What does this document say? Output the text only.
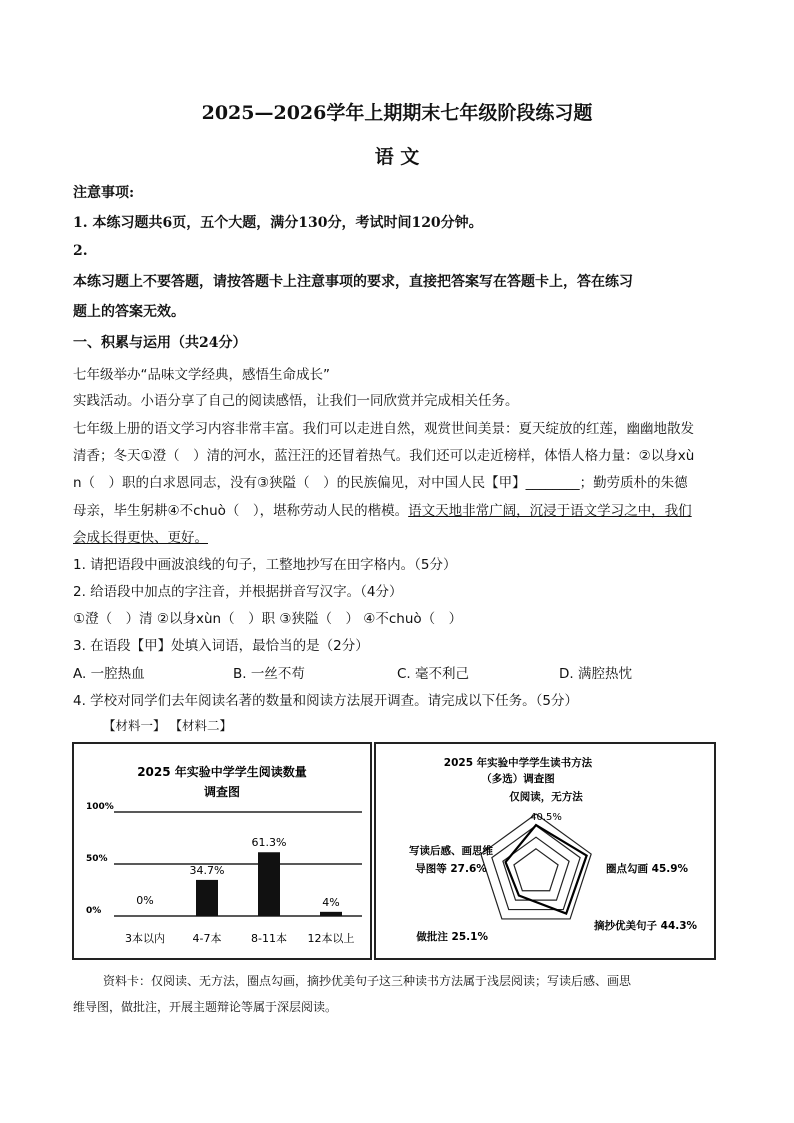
2025—2026学年上期期末七年级阶段练习题
语 文
注意事项:
1. 本练习题共6页，五个大题，满分130分，考试时间120分钟。
2.
本练习题上不要答题，请按答题卡上注意事项的要求，直接把答案写在答题卡上，答在练习
题上的答案无效。
一、积累与运用（共24分）
七年级举办“品味文学经典，感悟生命成长”
实践活动。小语分享了自己的阅读感悟，让我们一同欣赏并完成相关任务。
七年级上册的语文学习内容非常丰富。我们可以走进自然，观赏世间美景：夏天绽放的红莲，幽幽地散发
清香；冬天①澄（　）清的河水，蓝汪汪的还冒着热气。我们还可以走近榜样，体悟人格力量：②以身xù
n（　）职的白求恩同志，没有③狭隘（　）的民族偏见，对中国人民【甲】________；勤劳质朴的朱德
母亲，毕生躬耕④不chuò（　），堪称劳动人民的楷模。语文天地非常广阔，沉浸于语文学习之中，我们
会成长得更快、更好。
1. 请把语段中画波浪线的句子，工整地抄写在田字格内。（5分）
2. 给语段中加点的字注音，并根据拼音写汉字。（4分）
①澄（　）清 ②以身xùn（　）职 ③狭隘（　） ④不chuò（　）
3. 在语段【甲】处填入词语，最恰当的是（2分）
A. 一腔热血	B. 一丝不苟	C. 毫不利己	D. 满腔热忱
4. 学校对同学们去年阅读名著的数量和阅读方法展开调查。请完成以下任务。（5分）
【材料一】 【材料二】
2025 年实验中学学生阅读数量
调查图
100%
50%
0%
0%
3本以内
34.7%
4-7本
61.3%
8-11本
4%
12本以上
2025 年实验中学学生读书方法
（多选）调查图
仅阅读，无方法
40.5%
圈点勾画 45.9%
摘抄优美句子 44.3%
做批注 25.1%
写读后感、画思维
导图等 27.6%
资料卡：仅阅读、无方法，圈点勾画，摘抄优美句子这三种读书方法属于浅层阅读；写读后感、画思
维导图，做批注，开展主题辩论等属于深层阅读。
